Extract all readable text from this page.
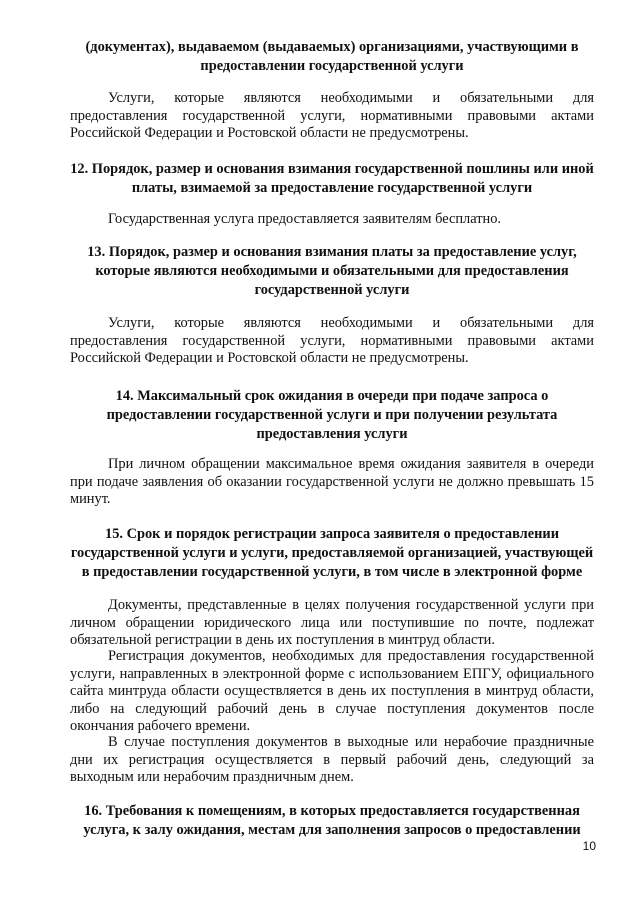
(документах), выдаваемом (выдаваемых) организациями, участвующими в предоставлении государственной услуги
Услуги, которые являются необходимыми и обязательными для предоставления государственной услуги, нормативными правовыми актами Российской Федерации и Ростовской области не предусмотрены.
12. Порядок, размер и основания взимания государственной пошлины или иной платы, взимаемой за предоставление государственной услуги
Государственная услуга предоставляется заявителям бесплатно.
13. Порядок, размер и основания взимания платы за предоставление услуг, которые являются необходимыми и обязательными для предоставления государственной услуги
Услуги, которые являются необходимыми и обязательными для предоставления государственной услуги, нормативными правовыми актами Российской Федерации и Ростовской области не предусмотрены.
14. Максимальный срок ожидания в очереди при подаче запроса о предоставлении государственной услуги и при получении результата предоставления услуги
При личном обращении максимальное время ожидания заявителя в очереди при подаче заявления об оказании государственной услуги не должно превышать 15 минут.
15. Срок и порядок регистрации запроса заявителя о предоставлении государственной услуги и услуги, предоставляемой организацией, участвующей в предоставлении государственной услуги, в том числе в электронной форме
Документы, представленные в целях получения государственной услуги при личном обращении юридического лица или поступившие по почте, подлежат обязательной регистрации в день их поступления в минтруд области.
Регистрация документов, необходимых для предоставления государственной услуги, направленных в электронной форме с использованием ЕПГУ, официального сайта минтруда области осуществляется в день их поступления в минтруд области, либо на следующий рабочий день в случае поступления документов после окончания рабочего времени.
В случае поступления документов в выходные или нерабочие праздничные дни их регистрация осуществляется в первый рабочий день, следующий за выходным или нерабочим праздничным днем.
16. Требования к помещениям, в которых предоставляется государственная услуга, к залу ожидания, местам для заполнения запросов о предоставлении
10
